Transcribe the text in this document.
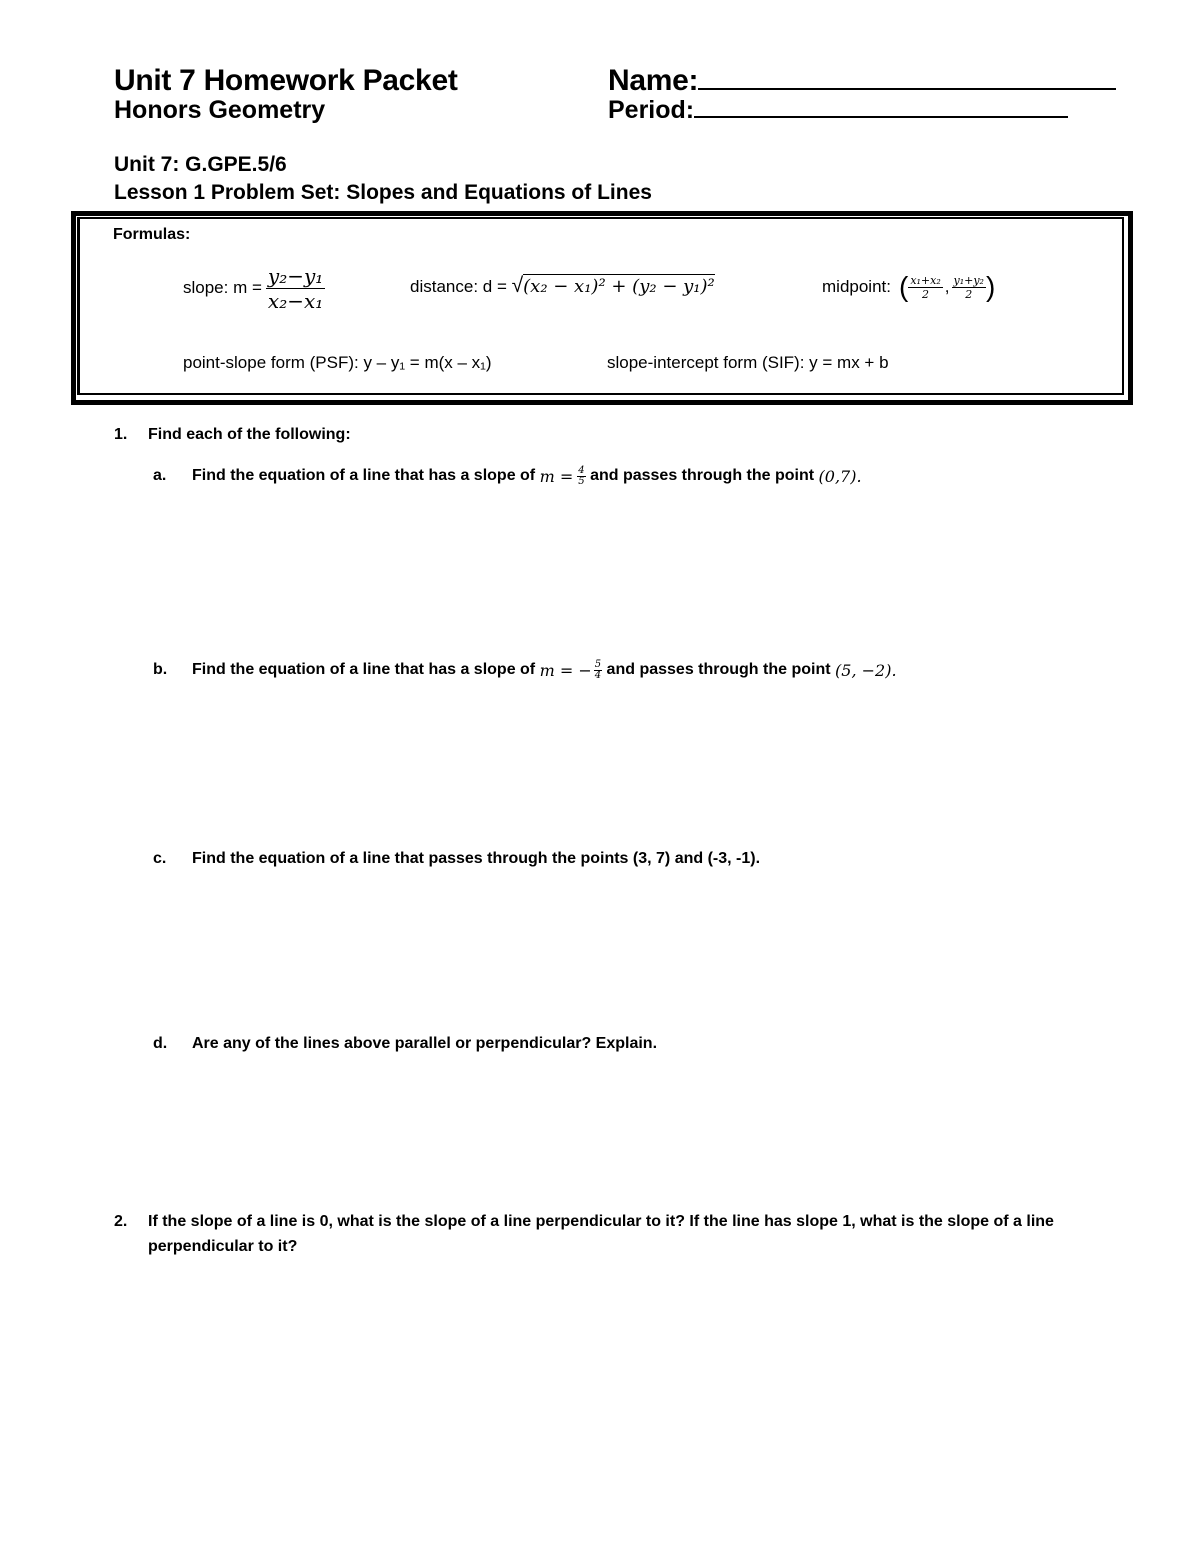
Unit 7 Homework Packet
Honors Geometry
Name:
Period:
Unit 7: G.GPE.5/6
Lesson 1 Problem Set: Slopes and Equations of Lines
Formulas:
slope: $m = \frac{\text{y₂−y₁}}{\text{x₂−x₁}}$	distance: d = √(x₂ − x₁)² + (y₂ − y₁)²	midpoint: ( $\frac{\text{x₁+x₂}}{2}$ , $\frac{\text{y₁+y₂}}{2}$ )
point-slope form (PSF): y – y₁ = m(x – x₁)	slope-intercept form (SIF): y = mx + b
1. Find each of the following:
a. Find the equation of a line that has a slope of $m = \frac{4}{5}$ and passes through the point (0,7).
b. Find the equation of a line that has a slope of m = − $\frac{5}{4}$ and passes through the point (5, −2).
c. Find the equation of a line that passes through the points (3, 7) and (-3, -1).
d. Are any of the lines above parallel or perpendicular? Explain.
2. If the slope of a line is 0, what is the slope of a line perpendicular to it? If the line has slope 1, what is the slope of a line
perpendicular to it?
